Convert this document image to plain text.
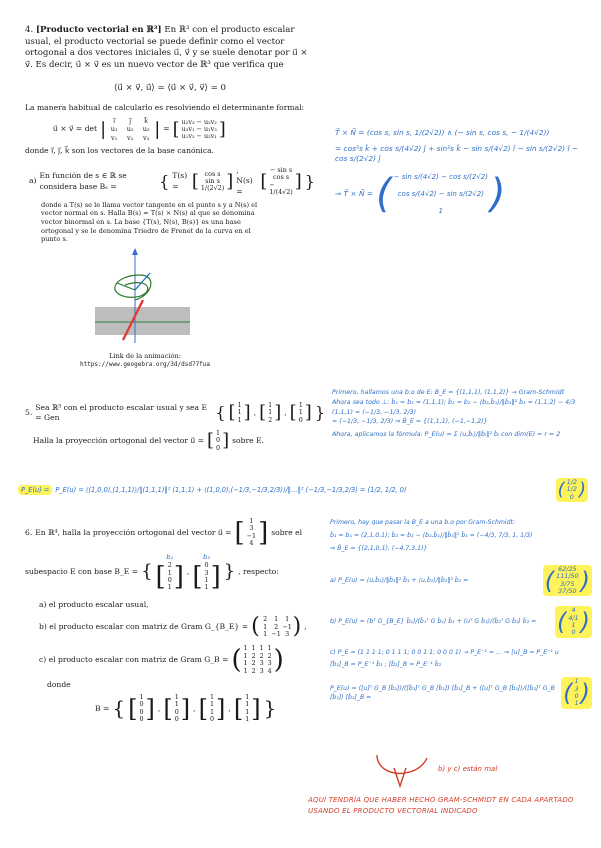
4. [Producto vectorial en ℝ³] En ℝ³ con el producto escalar usual, el producto vectorial se puede definir como el vector ortogonal a dos vectores iniciales u⃗, v⃗ y se suele denotar por u⃗ × v⃗. Es decir, u⃗ × v⃗ es un nuevo vector de ℝ³ que verifica que
⟨u⃗ × v⃗, u⃗⟩ = ⟨u⃗ × v⃗, v⃗⟩ = 0
La manera habitual de calcularlo es resolviendo el determinante formal:
u⃗ × v⃗ = det |	i⃗	j⃗	k⃗
u₁	u₂	u₃
v₁	v₂	v₃ | = [ u₂v₃ − u₃v₂
u₃v₁ − u₁v₃
u₁v₂ − u₂v₁ ]
donde i⃗, j⃗, k⃗ son los vectores de la base canónica.
a)
En función de s ∈ ℝ se considera base Bₛ =	{ T(s) = [ cos s
sin s
1/(2√2) ] , N(s) = [
− sin s
cos s
− 1/(4√2)
] }
donde a T(s) se le llama vector tangente en el punto s y a N(s) el vector normal en s. Halla B(s) = T(s) × N(s) al que se denomina vector binormal en s. La base {T(s), N(s), B(s)} es una base ortogonal y se le denomina Triedro de Frenet de la curva en el punto s.
Link de la animación:
https://www.geogebra.org/3d/dsd77fua
T⃗ × N⃗ = (cos s, sin s, 1/(2√2)) ∧ (− sin s, cos s, − 1/(4√2))
= cos²s k̂ + cos s/(4√2) ĵ + sin²s k̂ − sin s/(4√2) î − sin s/(2√2) î − cos s/(2√2) ĵ
⇒ T⃗ × N⃗ = ( − sin s/(4√2) − cos s/(2√2)
cos s/(4√2) − sin s/(2√2)
1 )
5.
Sea ℝ³ con el producto escalar usual y sea E = Gen	{ [ 1
1
1 ] , [ 1
1
2 ] , [ 1
1
0 ] }
Halla la proyección ortogonal del vector u⃗ = [ 1
0
0 ] sobre E.
Primero, hallamos una b.o de E: B_E = {(1,1,1), (1,1,2)} → Gram-Schmidt
Ahora sea todo ⊥: b̃₁ = b₁ = (1,1,1); b̃₂ = b₂ − ⟨b₂,b̃₁⟩/‖b̃₁‖² b̃₁ = (1,1,2) − 4/3 (1,1,1) = (−1/3, −1/3, 2/3)
= (−1/3, −1/3, 2/3) ⇒ B̃_E = {(1,1,1), (−1,−1,2)}
Ahora, aplicamos la fórmula: P_E(u) = Σ ⟨u,b̃ᵢ⟩/‖b̃ᵢ‖² b̃ᵢ con dim(E) = r = 2
P_E(u) = P_E(u) = ⟨(1,0,0),(1,1,1)⟩/‖(1,1,1)‖² (1,1,1) + ⟨(1,0,0),(−1/3,−1/3,2/3)⟩/‖…‖² (−1/3,−1/3,2/3) = (1/2, 1/2, 0)	( 1/2
1/2
0 )
6. En ℝ⁴, halla la proyección ortogonal del vector u⃗ = [ 1
3
−1
4 ] sobre el
subespacio E con base B_E = {
b₁
[ 2
1
0
1 ] ,
b₂
[ 0
3
1
1 ] } , respecto:
a) el producto escalar usual,
b) el producto escalar con matriz de Gram G_{B_E} = ( 2	1	1
1	2 −1
1 −1 3 ) ,
c) el producto escalar con matriz de Gram G_B = ( 1 1 1 1
1 2 2 2
1 2 3 3
1 2 3 4 )
donde
B = { [ 1
0
0
0 ] , [ 1
1
0
0 ] , [ 1
1
1
0 ] , [ 1
1
1
1 ] }
Primero, hay que pasar la B_E a una b.o por Gram-Schmidt:
b̃₁ = b₁ = (2,1,0,1); b̃₂ = b₂ − ⟨b₂,b̃₁⟩/‖b̃₁‖² b̃₁ = (−4/3, 7/3, 1, 1/3)
⇒ B̃_E = {(2,1,0,1), (−4,7,3,1)}
a) P_E(u) = ⟨u,b̃₁⟩/‖b̃₁‖² b̃₁ + ⟨u,b̃₂⟩/‖b̃₂‖² b̃₂ =	( 62/25
111/50
3/75
37/50 )
b) P_E(u) = (bᵀ G_{B_E} b̃₁)/(b̃₁ᵀ G b̃₁) b̃₁ + (uᵀ G b̃₂)/(b̃₂ᵀ G b̃₂) b̃₂ = ( 4
4/1
1
0 )
c) P_E = (1 1 1 1; 0 1 1 1; 0 0 1 1; 0 0 0 1) → P_E⁻¹ = … ⇒ [u]_B = P_E⁻¹ u
[b̃₁]_B = P_E⁻¹ b̃₁ ; [b̃₂]_B = P_E⁻¹ b̃₂
P_E(u) = ([u]ᵀ G_B [b̃₁])/([b̃₁]ᵀ G_B [b̃₁]) [b̃₁]_B + ([u]ᵀ G_B [b̃₂])/([b̃₂]ᵀ G_B [b̃₂]) [b̃₂]_B =	( 1
3
0
1 )
b) y c) están mal
AQUÍ TENDRÍA QUE HABER HECHO GRAM-SCHMIDT EN CADA APARTADO USANDO EL PRODUCTO VECTORIAL INDICADO
